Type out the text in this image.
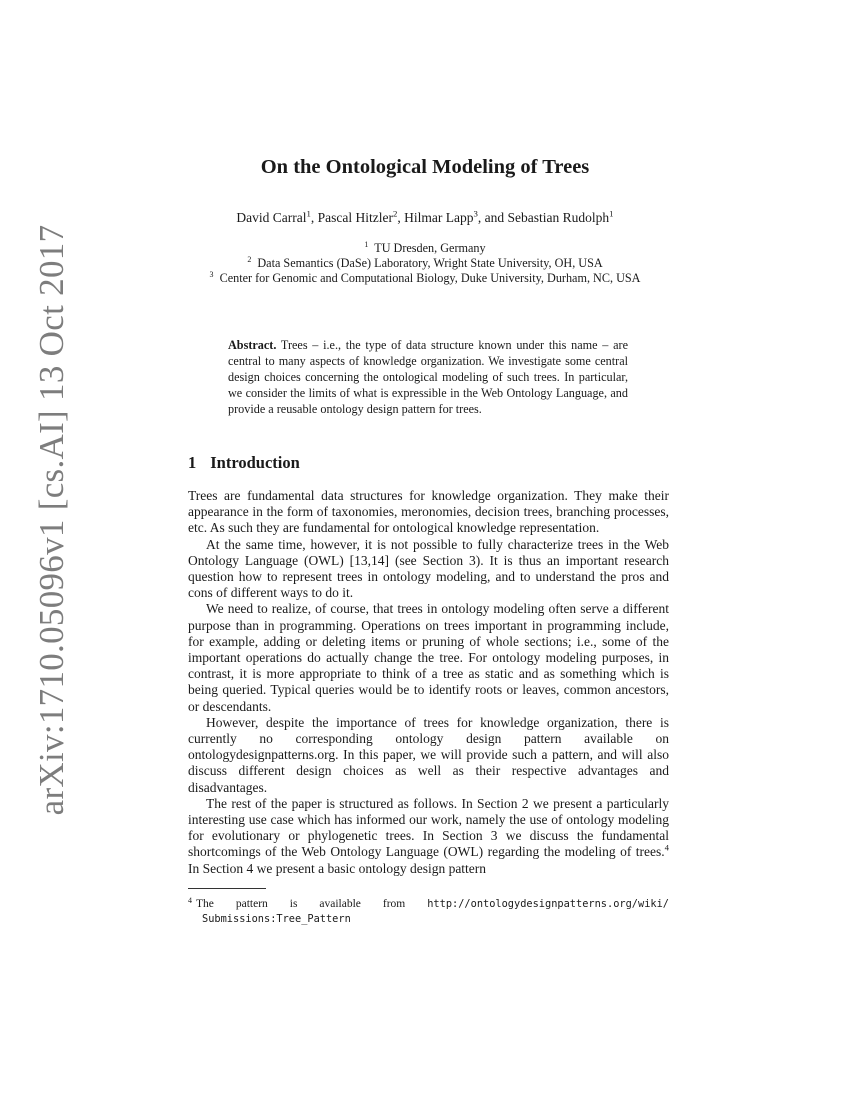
arXiv:1710.05096v1 [cs.AI] 13 Oct 2017
On the Ontological Modeling of Trees
David Carral$^1$, Pascal Hitzler$^2$, Hilmar Lapp$^3$, and Sebastian Rudolph$^1$
$^1$ TU Dresden, Germany
$^2$ Data Semantics (DaSe) Laboratory, Wright State University, OH, USA
$^3$ Center for Genomic and Computational Biology, Duke University, Durham, NC, USA
Abstract. Trees – i.e., the type of data structure known under this name – are central to many aspects of knowledge organization. We investigate some central design choices concerning the ontological modeling of such trees. In particular, we consider the limits of what is expressible in the Web Ontology Language, and provide a reusable ontology design pattern for trees.
1 Introduction

Trees are fundamental data structures for knowledge organization. They make their appearance in the form of taxonomies, meronomies, decision trees, branching processes, etc. As such they are fundamental for ontological knowledge representation.

At the same time, however, it is not possible to fully characterize trees in the Web Ontology Language (OWL) [13,14] (see Section 3). It is thus an important research question how to represent trees in ontology modeling, and to understand the pros and cons of different ways to do it.

We need to realize, of course, that trees in ontology modeling often serve a different purpose than in programming. Operations on trees important in programming include, for example, adding or deleting items or pruning of whole sections; i.e., some of the important operations do actually change the tree. For ontology modeling purposes, in contrast, it is more appropriate to think of a tree as static and as something which is being queried. Typical queries would be to identify roots or leaves, common ancestors, or descendants.

However, despite the importance of trees for knowledge organization, there is currently no corresponding ontology design pattern available on ontologydesignpatterns.org. In this paper, we will provide such a pattern, and will also discuss different design choices as well as their respective advantages and disadvantages.

The rest of the paper is structured as follows. In Section 2 we present a particularly interesting use case which has informed our work, namely the use of ontology modeling for evolutionary or phylogenetic trees. In Section 3 we discuss the fundamental shortcomings of the Web Ontology Language (OWL) regarding the modeling of trees.$^4$ In Section 4 we present a basic ontology design pattern

$^4$ The pattern is available from http://ontologydesignpatterns.org/wiki/
Submissions:Tree_Pattern
